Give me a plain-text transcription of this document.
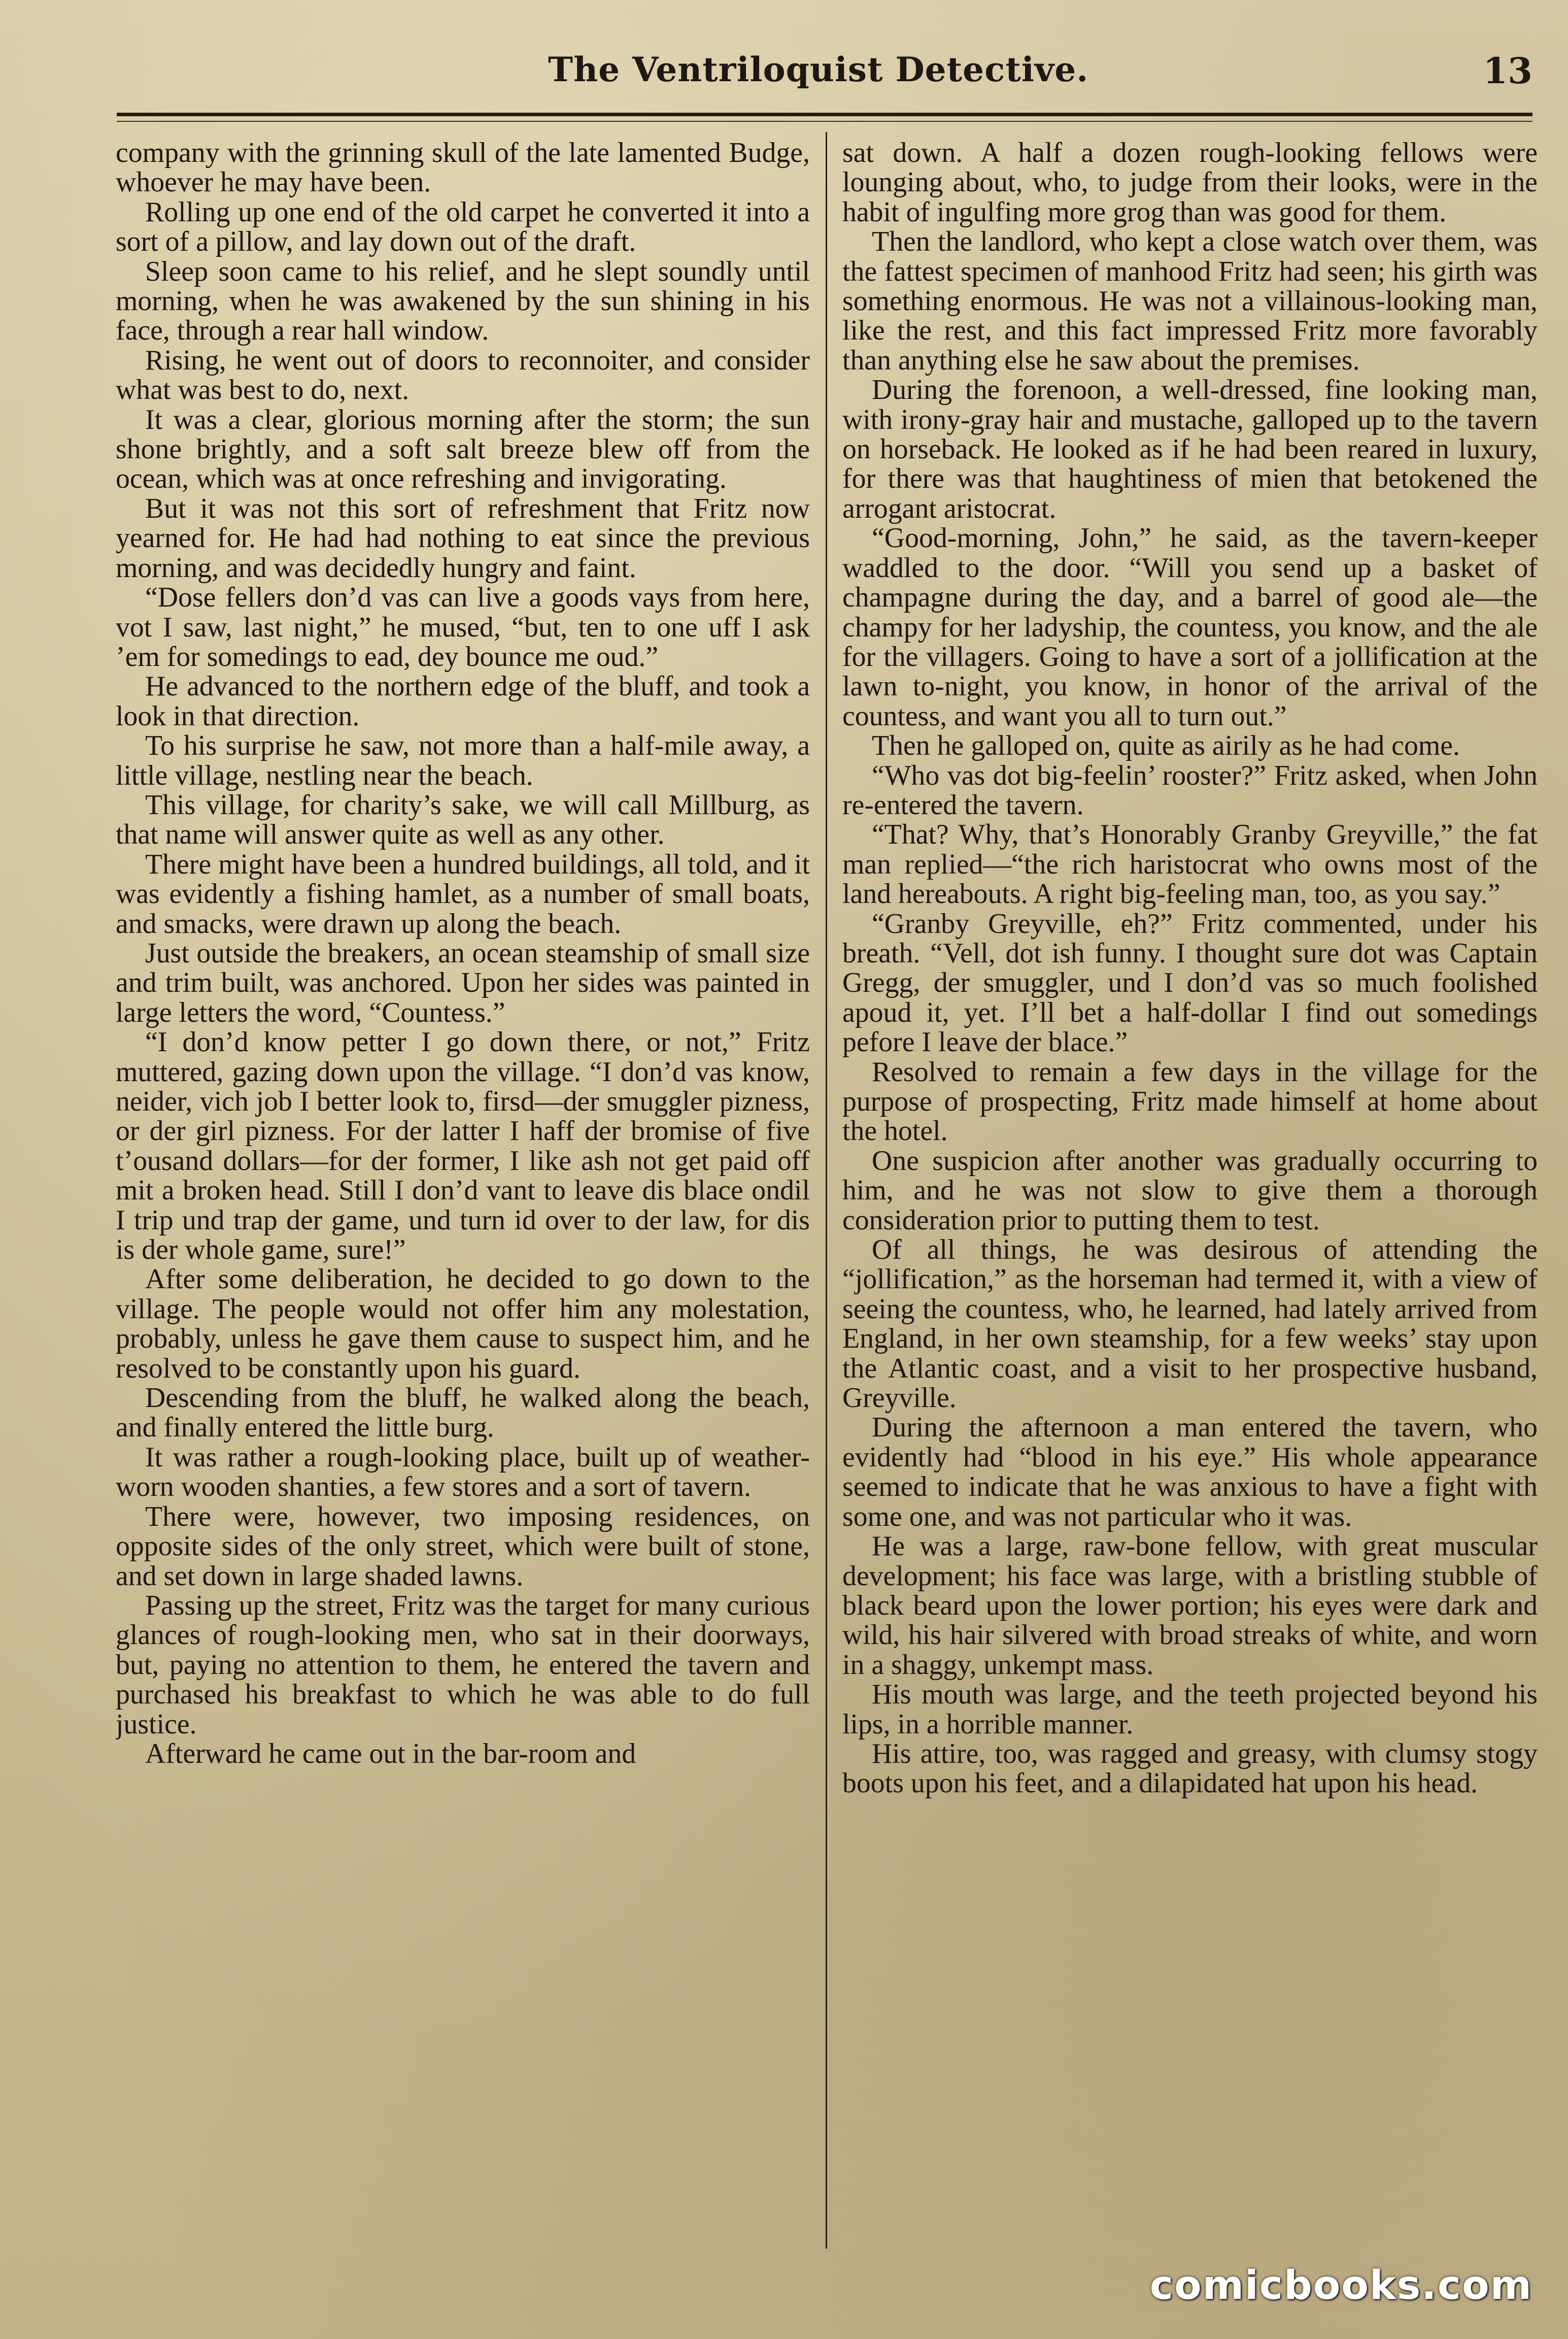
The Ventriloquist Detective.	13

company with the grinning skull of the late lamented Budge, whoever he may have been.

Rolling up one end of the old carpet he converted it into a sort of a pillow, and lay down out of the draft.

Sleep soon came to his relief, and he slept soundly until morning, when he was awakened by the sun shining in his face, through a rear hall window.

Rising, he went out of doors to reconnoiter, and consider what was best to do, next.

It was a clear, glorious morning after the storm; the sun shone brightly, and a soft salt breeze blew off from the ocean, which was at once refreshing and invigorating.

But it was not this sort of refreshment that Fritz now yearned for. He had had nothing to eat since the previous morning, and was decidedly hungry and faint.

“Dose fellers don’d vas can live a goods vays from here, vot I saw, last night,” he mused, “but, ten to one uff I ask ’em for somedings to ead, dey bounce me oud.”

He advanced to the northern edge of the bluff, and took a look in that direction.

To his surprise he saw, not more than a half-mile away, a little village, nestling near the beach.

This village, for charity’s sake, we will call Millburg, as that name will answer quite as well as any other.

There might have been a hundred buildings, all told, and it was evidently a fishing hamlet, as a number of small boats, and smacks, were drawn up along the beach.

Just outside the breakers, an ocean steamship of small size and trim built, was anchored. Upon her sides was painted in large letters the word, “Countess.”

“I don’d know petter I go down there, or not,” Fritz muttered, gazing down upon the village. “I don’d vas know, neider, vich job I better look to, firsd—der smuggler pizness, or der girl pizness. For der latter I haff der bromise of five t’ousand dollars—for der former, I like ash not get paid off mit a broken head. Still I don’d vant to leave dis blace ondil I trip und trap der game, und turn id over to der law, for dis is der whole game, sure!”

After some deliberation, he decided to go down to the village. The people would not offer him any molestation, probably, unless he gave them cause to suspect him, and he resolved to be constantly upon his guard.

Descending from the bluff, he walked along the beach, and finally entered the little burg.

It was rather a rough-looking place, built up of weather-worn wooden shanties, a few stores and a sort of tavern.

There were, however, two imposing residences, on opposite sides of the only street, which were built of stone, and set down in large shaded lawns.

Passing up the street, Fritz was the target for many curious glances of rough-looking men, who sat in their doorways, but, paying no attention to them, he entered the tavern and purchased his breakfast to which he was able to do full justice.

Afterward he came out in the bar-room and

sat down. A half a dozen rough-looking fellows were lounging about, who, to judge from their looks, were in the habit of ingulfing more grog than was good for them.

Then the landlord, who kept a close watch over them, was the fattest specimen of manhood Fritz had seen; his girth was something enormous. He was not a villainous-looking man, like the rest, and this fact impressed Fritz more favorably than anything else he saw about the premises.

During the forenoon, a well-dressed, fine looking man, with irony-gray hair and mustache, galloped up to the tavern on horseback. He looked as if he had been reared in luxury, for there was that haughtiness of mien that betokened the arrogant aristocrat.

“Good-morning, John,” he said, as the tavern-keeper waddled to the door. “Will you send up a basket of champagne during the day, and a barrel of good ale—the champy for her ladyship, the countess, you know, and the ale for the villagers. Going to have a sort of a jollification at the lawn to-night, you know, in honor of the arrival of the countess, and want you all to turn out.”

Then he galloped on, quite as airily as he had come.

“Who vas dot big-feelin’ rooster?” Fritz asked, when John re-entered the tavern.

“That? Why, that’s Honorably Granby Greyville,” the fat man replied—“the rich haristocrat who owns most of the land hereabouts. A right big-feeling man, too, as you say.”

“Granby Greyville, eh?” Fritz commented, under his breath. “Vell, dot ish funny. I thought sure dot was Captain Gregg, der smuggler, und I don’d vas so much foolished apoud it, yet. I’ll bet a half-dollar I find out somedings pefore I leave der blace.”

Resolved to remain a few days in the village for the purpose of prospecting, Fritz made himself at home about the hotel.

One suspicion after another was gradually occurring to him, and he was not slow to give them a thorough consideration prior to putting them to test.

Of all things, he was desirous of attending the “jollification,” as the horseman had termed it, with a view of seeing the countess, who, he learned, had lately arrived from England, in her own steamship, for a few weeks’ stay upon the Atlantic coast, and a visit to her prospective husband, Greyville.

During the afternoon a man entered the tavern, who evidently had “blood in his eye.” His whole appearance seemed to indicate that he was anxious to have a fight with some one, and was not particular who it was.

He was a large, raw-bone fellow, with great muscular development; his face was large, with a bristling stubble of black beard upon the lower portion; his eyes were dark and wild, his hair silvered with broad streaks of white, and worn in a shaggy, unkempt mass.

His mouth was large, and the teeth projected beyond his lips, in a horrible manner.

His attire, too, was ragged and greasy, with clumsy stogy boots upon his feet, and a dilapidated hat upon his head.

comicbooks.com
